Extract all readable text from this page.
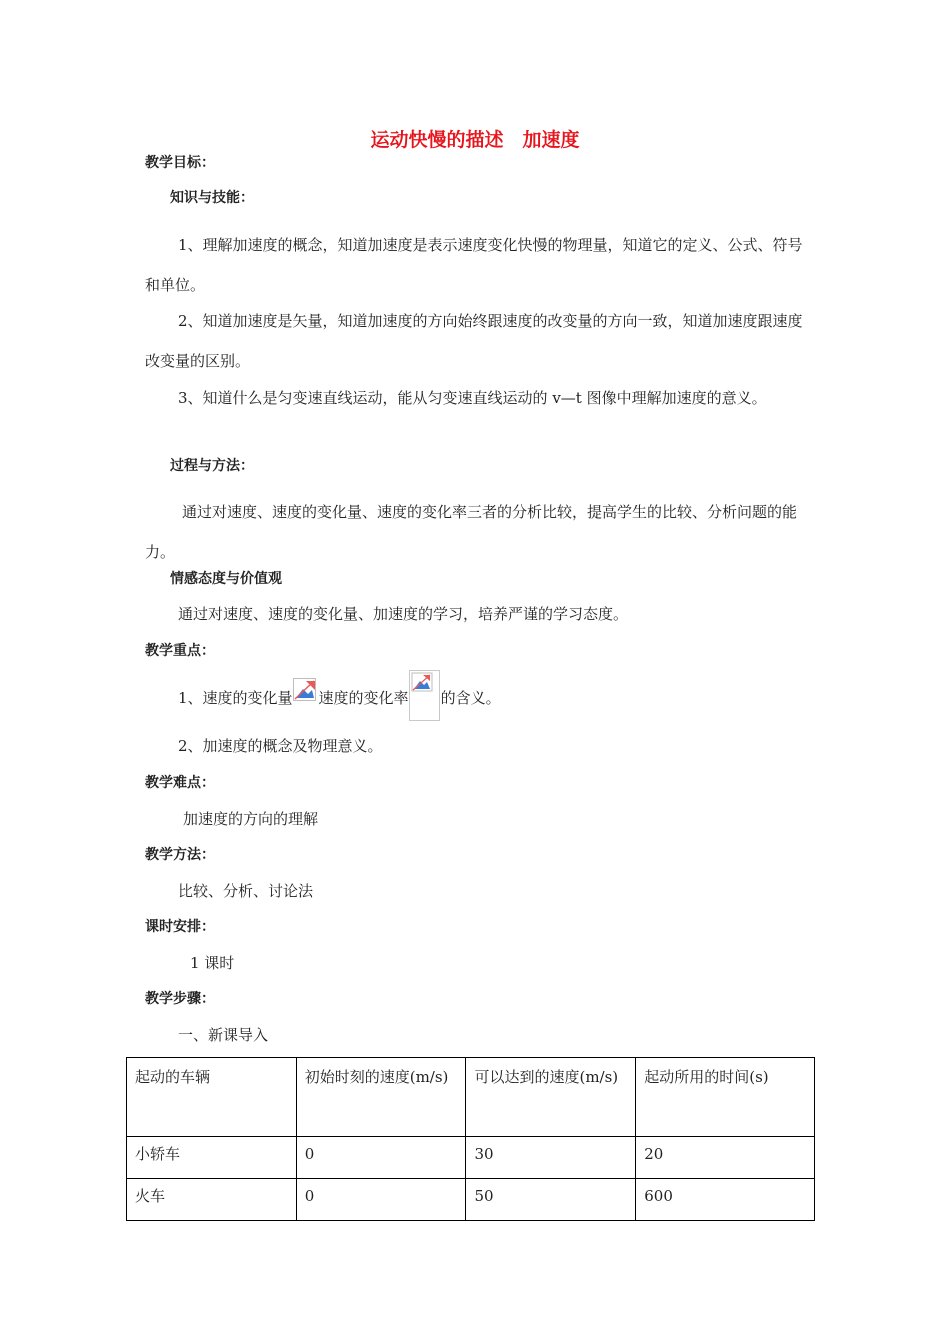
运动快慢的描述　加速度
教学目标：
知识与技能：
1、理解加速度的概念，知道加速度是表示速度变化快慢的物理量，知道它的定义、公式、符号和单位。
2、知道加速度是矢量，知道加速度的方向始终跟速度的改变量的方向一致，知道加速度跟速度改变量的区别。
3、知道什么是匀变速直线运动，能从匀变速直线运动的 v—t 图像中理解加速度的意义。
过程与方法：
通过对速度、速度的变化量、速度的变化率三者的分析比较，提高学生的比较、分析问题的能力。
情感态度与价值观
通过对速度、速度的变化量、加速度的学习，培养严谨的学习态度。
教学重点：
1、速度的变化量 速度的变化率 的含义。
2、加速度的概念及物理意义。
教学难点：
加速度的方向的理解
教学方法：
比较、分析、讨论法
课时安排：
1 课时
教学步骤：
一、新课导入
起动的车辆	初始时刻的速度(m/s)	可以达到的速度(m/s)	起动所用的时间(s)
小轿车	0	30	20
火车	0	50	600
